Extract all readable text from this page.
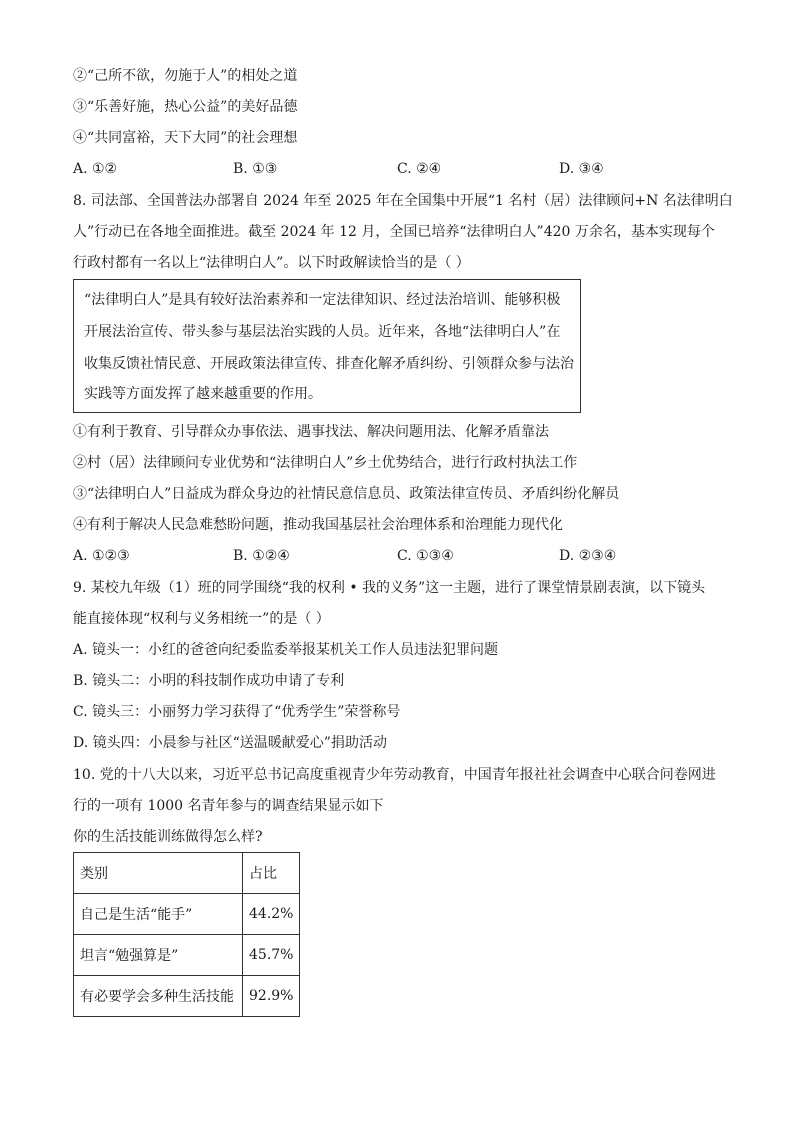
②“己所不欲，勿施于人”的相处之道
③“乐善好施，热心公益”的美好品德
④“共同富裕，天下大同”的社会理想
A. ①②	B. ①③	C. ②④	D. ③④
8. 司法部、全国普法办部署自 2024 年至 2025 年在全国集中开展“1 名村（居）法律顾问+N 名法律明白
人”行动已在各地全面推进。截至 2024 年 12 月，全国已培养“法律明白人”420 万余名，基本实现每个
行政村都有一名以上“法律明白人”。以下时政解读恰当的是（ ）
“法律明白人”是具有较好法治素养和一定法律知识、经过法治培训、能够积极
开展法治宣传、带头参与基层法治实践的人员。近年来，各地“法律明白人”在
收集反馈社情民意、开展政策法律宣传、排查化解矛盾纠纷、引领群众参与法治
实践等方面发挥了越来越重要的作用。
①有利于教育、引导群众办事依法、遇事找法、解决问题用法、化解矛盾靠法
②村（居）法律顾问专业优势和“法律明白人”乡土优势结合，进行行政村执法工作
③“法律明白人”日益成为群众身边的社情民意信息员、政策法律宣传员、矛盾纠纷化解员
④有利于解决人民急难愁盼问题，推动我国基层社会治理体系和治理能力现代化
A. ①②③	B. ①②④	C. ①③④	D. ②③④
9. 某校九年级（1）班的同学围绕“我的权利 • 我的义务”这一主题，进行了课堂情景剧表演，以下镜头
能直接体现“权利与义务相统一”的是（ ）
A. 镜头一：小红的爸爸向纪委监委举报某机关工作人员违法犯罪问题
B. 镜头二：小明的科技制作成功申请了专利
C. 镜头三：小丽努力学习获得了“优秀学生”荣誉称号
D. 镜头四：小晨参与社区“送温暖献爱心”捐助活动
10. 党的十八大以来，习近平总书记高度重视青少年劳动教育，中国青年报社社会调查中心联合问卷网进
行的一项有 1000 名青年参与的调查结果显示如下
你的生活技能训练做得怎么样?
类别	占比
自己是生活“能手”	44.2%
坦言“勉强算是”	45.7%
有必要学会多种生活技能	92.9%
